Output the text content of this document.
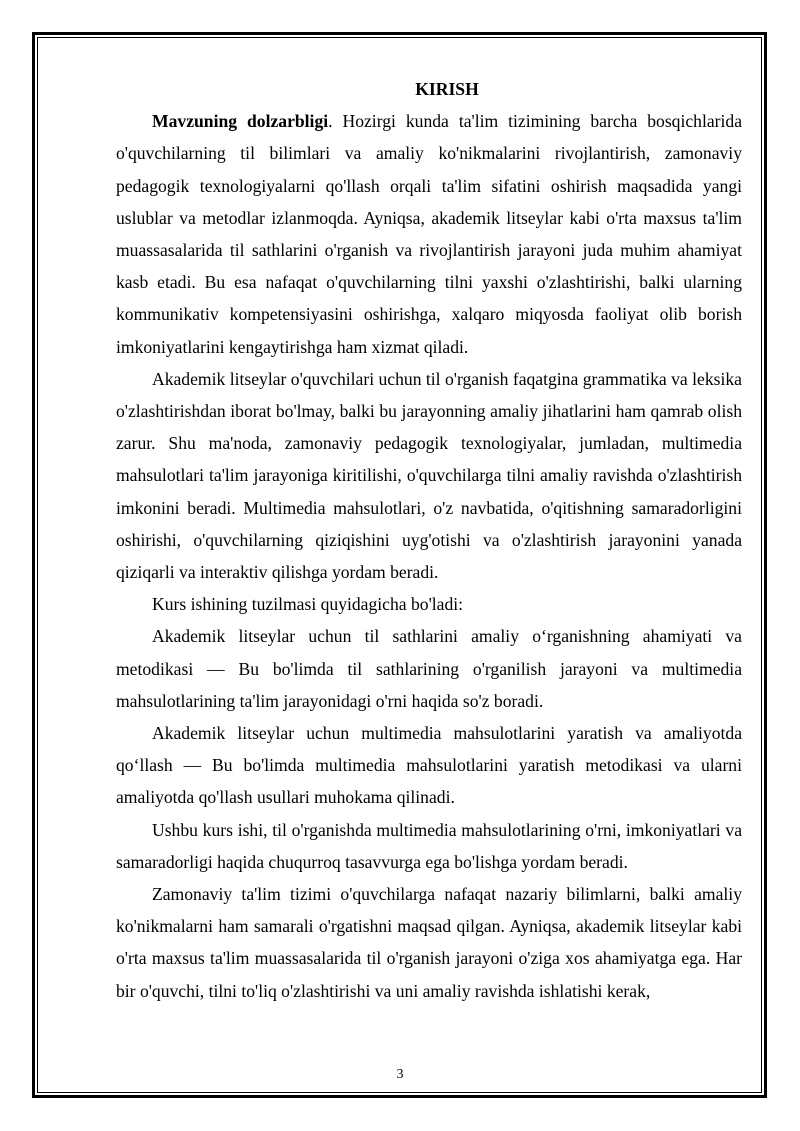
KIRISH

Mavzuning dolzarbligi. Hozirgi kunda ta'lim tizimining barcha bosqichlarida o'quvchilarning til bilimlari va amaliy ko'nikmalarini rivojlantirish, zamonaviy pedagogik texnologiyalarni qo'llash orqali ta'lim sifatini oshirish maqsadida yangi uslublar va metodlar izlanmoqda. Ayniqsa, akademik litseylar kabi o'rta maxsus ta'lim muassasalarida til sathlarini o'rganish va rivojlantirish jarayoni juda muhim ahamiyat kasb etadi. Bu esa nafaqat o'quvchilarning tilni yaxshi o'zlashtirishi, balki ularning kommunikativ kompetensiyasini oshirishga, xalqaro miqyosda faoliyat olib borish imkoniyatlarini kengaytirishga ham xizmat qiladi.

Akademik litseylar o'quvchilari uchun til o'rganish faqatgina grammatika va leksika o'zlashtirishdan iborat bo'lmay, balki bu jarayonning amaliy jihatlarini ham qamrab olish zarur. Shu ma'noda, zamonaviy pedagogik texnologiyalar, jumladan, multimedia mahsulotlari ta'lim jarayoniga kiritilishi, o'quvchilarga tilni amaliy ravishda o'zlashtirish imkonini beradi. Multimedia mahsulotlari, o'z navbatida, o'qitishning samaradorligini oshirishi, o'quvchilarning qiziqishini uyg'otishi va o'zlashtirish jarayonini yanada qiziqarli va interaktiv qilishga yordam beradi.

Kurs ishining tuzilmasi quyidagicha bo'ladi:

Akademik litseylar uchun til sathlarini amaliy o‘rganishning ahamiyati va metodikasi — Bu bo'limda til sathlarining o'rganilish jarayoni va multimedia mahsulotlarining ta'lim jarayonidagi o'rni haqida so'z boradi.

Akademik litseylar uchun multimedia mahsulotlarini yaratish va amaliyotda qo‘llash — Bu bo'limda multimedia mahsulotlarini yaratish metodikasi va ularni amaliyotda qo'llash usullari muhokama qilinadi.

Ushbu kurs ishi, til o'rganishda multimedia mahsulotlarining o'rni, imkoniyatlari va samaradorligi haqida chuqurroq tasavvurga ega bo'lishga yordam beradi.

Zamonaviy ta'lim tizimi o'quvchilarga nafaqat nazariy bilimlarni, balki amaliy ko'nikmalarni ham samarali o'rgatishni maqsad qilgan. Ayniqsa, akademik litseylar kabi o'rta maxsus ta'lim muassasalarida til o'rganish jarayoni o'ziga xos ahamiyatga ega. Har bir o'quvchi, tilni to'liq o'zlashtirishi va uni amaliy ravishda ishlatishi kerak,

3
